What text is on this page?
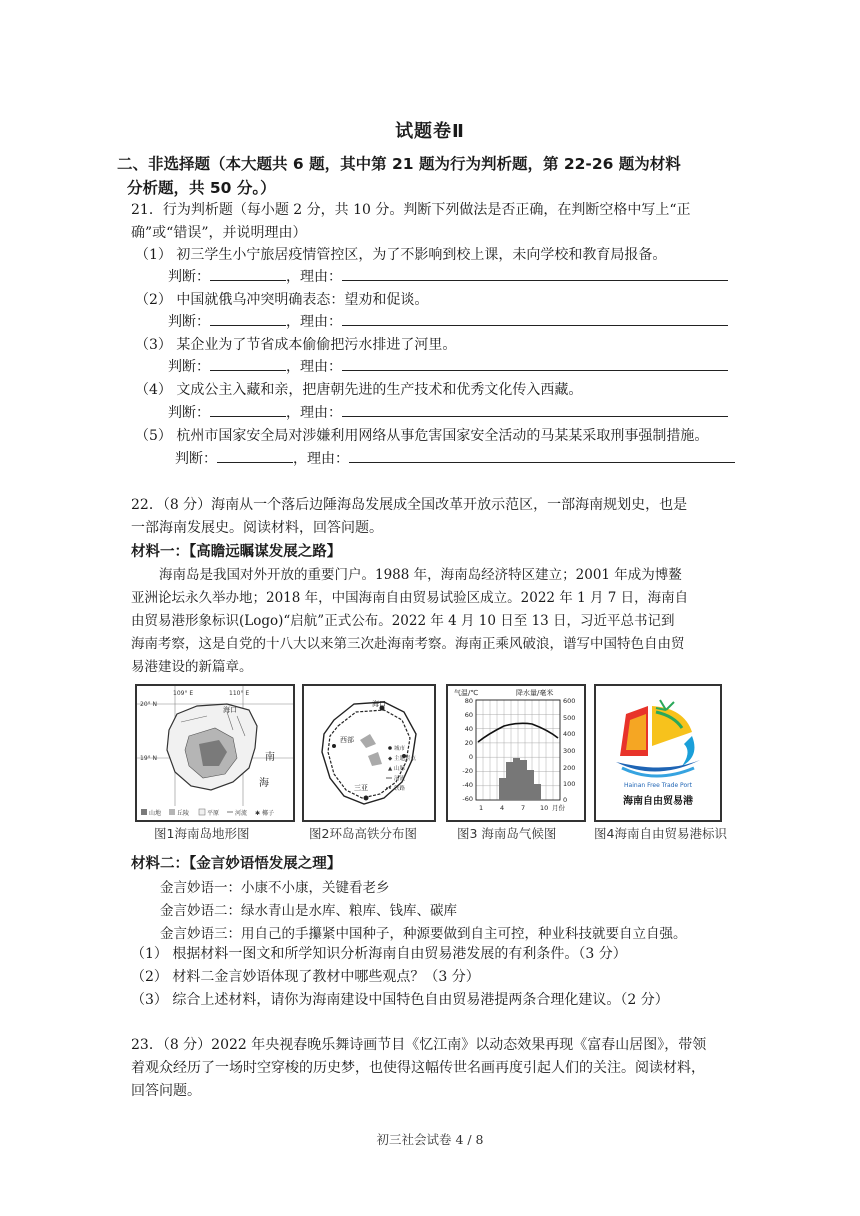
试题卷Ⅱ
二、非选择题（本大题共 6 题，其中第 21 题为行为判析题，第 22-26 题为材料
分析题，共 50 分。）
21．行为判析题（每小题 2 分，共 10 分。判断下列做法是否正确，在判断空格中写上“正
确”或“错误”，并说明理由）
（1） 初三学生小宁旅居疫情管控区，为了不影响到校上课，未向学校和教育局报备。
判断：	，理由：
（2） 中国就俄乌冲突明确表态：望劝和促谈。
判断：	，理由：
（3） 某企业为了节省成本偷偷把污水排进了河里。
判断：	，理由：
（4） 文成公主入藏和亲，把唐朝先进的生产技术和优秀文化传入西藏。
判断：	，理由：
（5） 杭州市国家安全局对涉嫌利用网络从事危害国家安全活动的马某某采取刑事强制措施。
判断：	，理由：
22．（8 分）海南从一个落后边陲海岛发展成全国改革开放示范区，一部海南规划史，也是
一部海南发展史。阅读材料，回答问题。
材料一：【高瞻远瞩谋发展之路】
海南岛是我国对外开放的重要门户。1988 年，海南岛经济特区建立；2001 年成为博鳌
亚洲论坛永久举办地；2018 年，中国海南自由贸易试验区成立。2022 年 1 月 7 日，海南自
由贸易港形象标识(Logo)“启航”正式公布。2022 年 4 月 10 日至 13 日，习近平总书记到
海南考察，这是自党的十八大以来第三次赴海南考察。海南正乘风破浪，谱写中国特色自由贸
易港建设的新篇章。
109° E	110° E
20° N
19° N
海口
南
海
山地	丘陵	平原	河流 ✱ 椰子
图1海南岛地形图
海口
三亚
西部
城市
◆ 主题景点
▲ 山脉
河流
铁路
图2环岛高铁分布图
气温/℃	降水量/毫米
80
60
40
20
0
-20
-40
-60
600
500
400
300
200
100
0
1	4	7 10 月份
图3 海南岛气候图
Hainan Free Trade Port
海南自由贸易港
图4海南自由贸易港标识
材料二：【金言妙语悟发展之理】
金言妙语一：小康不小康，关键看老乡
金言妙语二：绿水青山是水库、粮库、钱库、碳库
金言妙语三：用自己的手攥紧中国种子，种源要做到自主可控，种业科技就要自立自强。
（1） 根据材料一图文和所学知识分析海南自由贸易港发展的有利条件。（3 分）
（2） 材料二金言妙语体现了教材中哪些观点？（3 分）
（3） 综合上述材料，请你为海南建设中国特色自由贸易港提两条合理化建议。（2 分）
23．（8 分）2022 年央视春晚乐舞诗画节目《忆江南》以动态效果再现《富春山居图》，带领
着观众经历了一场时空穿梭的历史梦，也使得这幅传世名画再度引起人们的关注。阅读材料，
回答问题。
初三社会试卷 4 / 8
